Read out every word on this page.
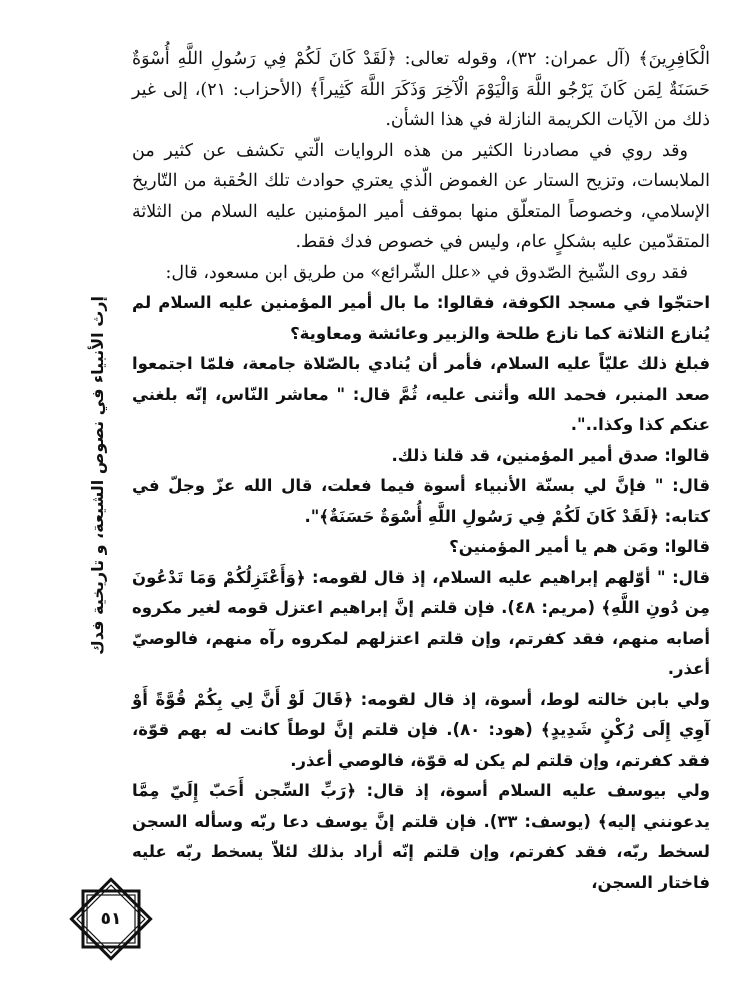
الْكَافِرِينَ﴾ (آل عمران: ٣٢)، وقوله تعالى: ﴿لَقَدْ كَانَ لَكُمْ فِي رَسُولِ اللَّهِ أُسْوَةٌ حَسَنَةٌ لِمَن كَانَ يَرْجُو اللَّهَ وَالْيَوْمَ الْآخِرَ وَذَكَرَ اللَّهَ كَثِيراً﴾ (الأحزاب: ٢١)، إلى غير ذلك من الآيات الكريمة النازلة في هذا الشأن.

وقد روي في مصادرنا الكثير من هذه الروايات الّتي تكشف عن كثير من الملابسات، وتزيح الستار عن الغموض الّذي يعتري حوادث تلك الحُقبة من التّاريخ الإسلامي، وخصوصاً المتعلّق منها بموقف أمير المؤمنين عليه السلام من الثلاثة المتقدّمين عليه بشكلٍ عام، وليس في خصوص فدك فقط.

فقد روى الشّيخ الصّدوق في «علل الشّرائع» من طريق ابن مسعود، قال:

احتجّوا في مسجد الكوفة، فقالوا: ما بال أمير المؤمنين عليه السلام لم يُنازع الثلاثة كما نازع طلحة والزبير وعائشة ومعاوية؟

فبلغ ذلك عليّاً عليه السلام، فأمر أن يُنادي بالصّلاة جامعة، فلمّا اجتمعوا صعد المنبر، فحمد الله وأثنى عليه، ثُمَّ قال: " معاشر النّاس، إنّه بلغني عنكم كذا وكذا..".

قالوا: صدق أمير المؤمنين، قد قلنا ذلك.

قال: " فإنَّ لي بسنّة الأنبياء أسوة فيما فعلت، قال الله عزّ وجلّ في كتابه: ﴿لَقَدْ كَانَ لَكُمْ فِي رَسُولِ اللَّهِ أُسْوَةٌ حَسَنَةٌ﴾".

قالوا: ومَن هم يا أمير المؤمنين؟

قال: " أوّلهم إبراهيم عليه السلام، إذ قال لقومه: ﴿وَأَعْتَزِلُكُمْ وَمَا تَدْعُونَ مِن دُونِ اللَّهِ﴾ (مريم: ٤٨). فإن قلتم إنَّ إبراهيم اعتزل قومه لغير مكروه أصابه منهم، فقد كفرتم، وإن قلتم اعتزلهم لمكروه رآه منهم، فالوصيّ أعذر.

ولي بابن خالته لوط، أسوة، إذ قال لقومه: ﴿قَالَ لَوْ أَنَّ لِي بِكُمْ قُوَّةً أَوْ آوِي إِلَى رُكْنٍ شَدِيدٍ﴾ (هود: ٨٠). فإن قلتم إنَّ لوطاً كانت له بهم قوّة، فقد كفرتم، وإن قلتم لم يكن له قوّة، فالوصي أعذر.

ولي بيوسف عليه السلام أسوة، إذ قال: ﴿رَبِّ السِّجن أَحَبّ إِلَيّ مِمَّا يدعونني إليه﴾ (يوسف: ٣٣). فإن قلتم إنَّ يوسف دعا ربّه وسأله السجن لسخط ربّه، فقد كفرتم، وإن قلتم إنّه أراد بذلك لئلاّ يسخط ربّه عليه فاختار السجن،

إرث الأنبياء في نصوص الشيعة، و تاريخية فدك
٥١
